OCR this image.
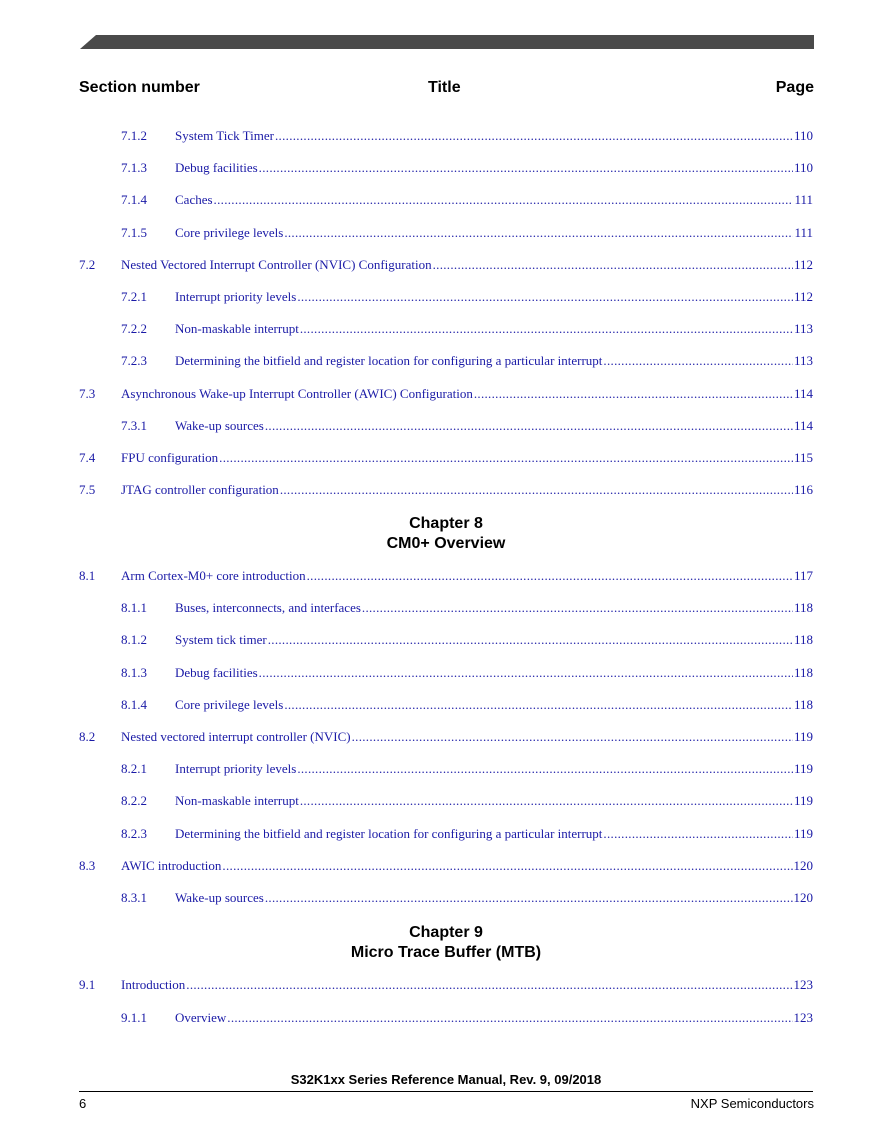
Section number	Title	Page
7.1.2	System Tick Timer .....	110
7.1.3	Debug facilities .....	110
7.1.4	Caches .....	111
7.1.5	Core privilege levels .....	111
7.2	Nested Vectored Interrupt Controller (NVIC) Configuration .....	112
7.2.1	Interrupt priority levels .....	112
7.2.2	Non-maskable interrupt .....	113
7.2.3	Determining the bitfield and register location for configuring a particular interrupt .....	113
7.3	Asynchronous Wake-up Interrupt Controller (AWIC) Configuration .....	114
7.3.1	Wake-up sources .....	114
7.4	FPU configuration .....	115
7.5	JTAG controller configuration .....	116
Chapter 8
CM0+ Overview
8.1	Arm Cortex-M0+ core introduction .....	117
8.1.1	Buses, interconnects, and interfaces .....	118
8.1.2	System tick timer .....	118
8.1.3	Debug facilities .....	118
8.1.4	Core privilege levels .....	118
8.2	Nested vectored interrupt controller (NVIC) .....	119
8.2.1	Interrupt priority levels .....	119
8.2.2	Non-maskable interrupt .....	119
8.2.3	Determining the bitfield and register location for configuring a particular interrupt .....	119
8.3	AWIC introduction .....	120
8.3.1	Wake-up sources .....	120
Chapter 9
Micro Trace Buffer (MTB)
9.1	Introduction .....	123
9.1.1	Overview .....	123
S32K1xx Series Reference Manual, Rev. 9, 09/2018
6	NXP Semiconductors
